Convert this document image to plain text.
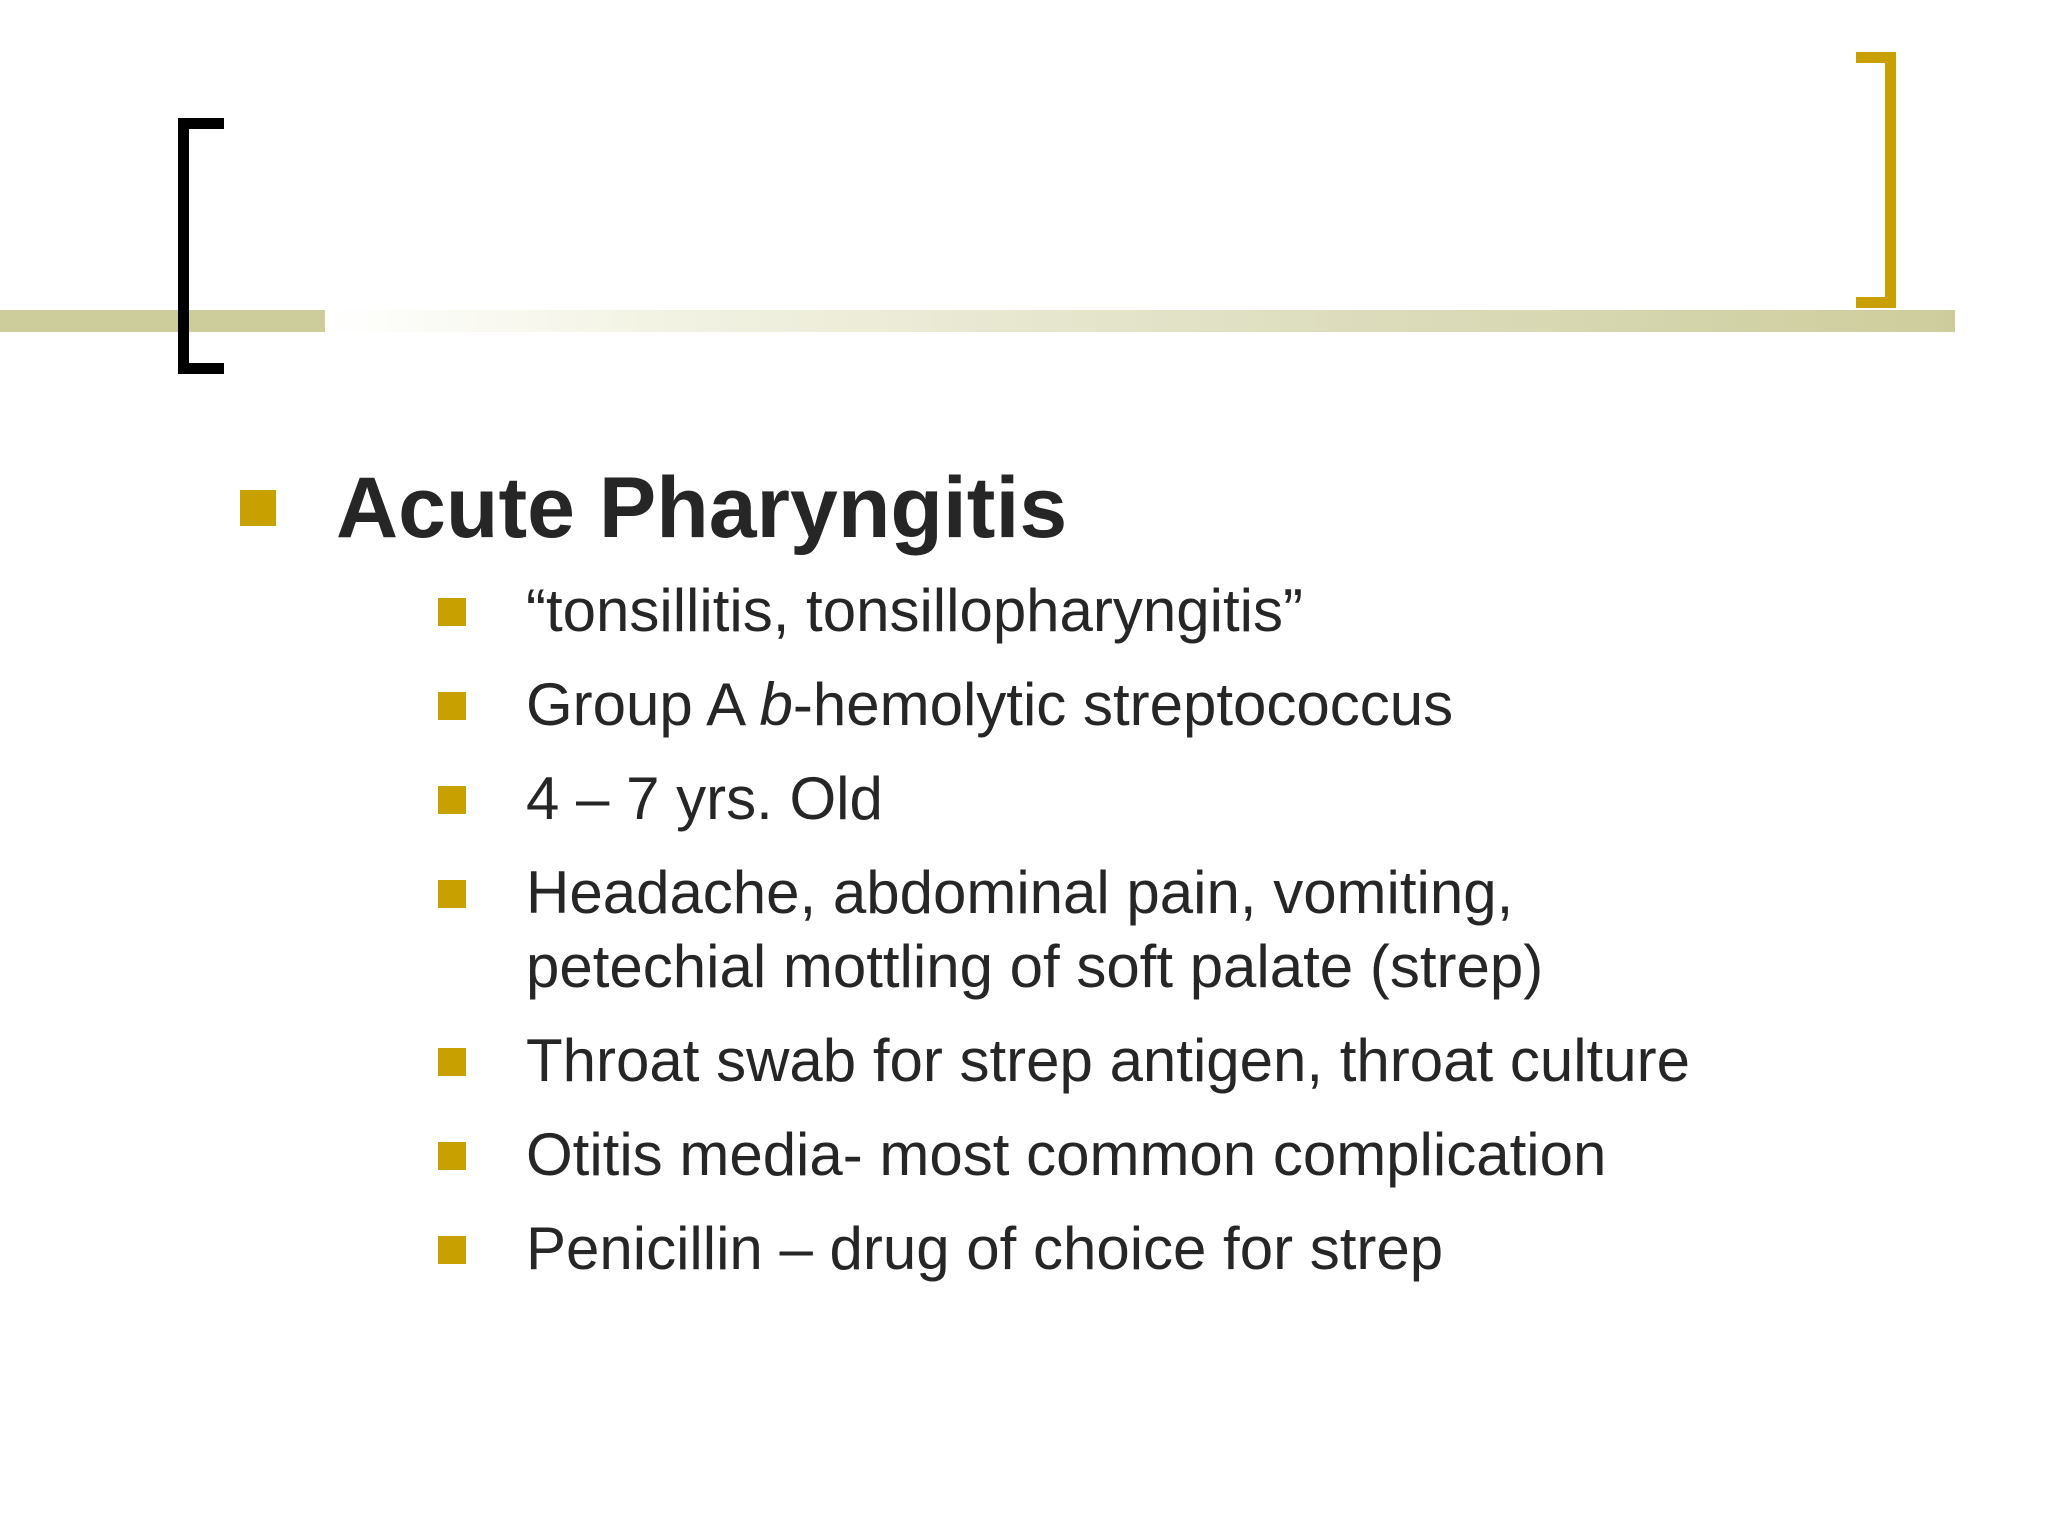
Acute Pharyngitis
“tonsillitis, tonsillopharyngitis”
Group A b-hemolytic streptococcus
4 – 7 yrs. Old
Headache, abdominal pain, vomiting,
petechial mottling of soft palate (strep)
Throat swab for strep antigen, throat culture
Otitis media- most common complication
Penicillin – drug of choice for strep
